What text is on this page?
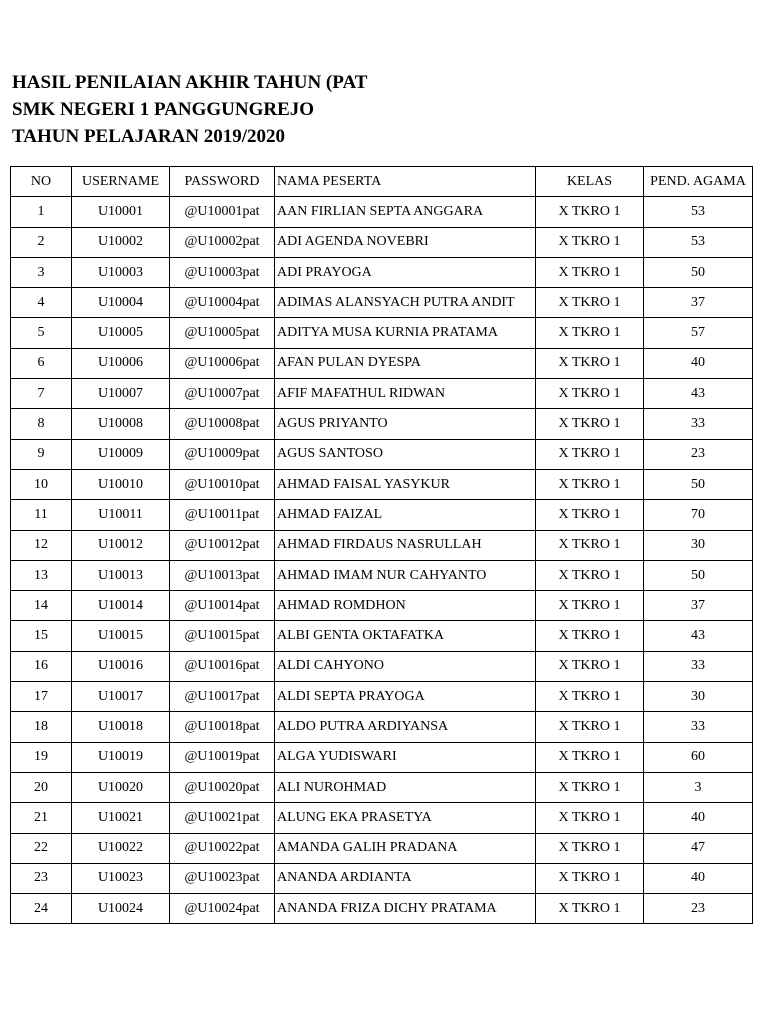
HASIL PENILAIAN AKHIR TAHUN (PAT
SMK NEGERI 1 PANGGUNGREJO
TAHUN PELAJARAN 2019/2020
NO	USERNAME	PASSWORD	NAMA PESERTA	KELAS	PEND. AGAMA
1	U10001	@U10001pat	AAN FIRLIAN SEPTA ANGGARA	X TKRO 1	53
2	U10002	@U10002pat	ADI AGENDA NOVEBRI	X TKRO 1	53
3	U10003	@U10003pat	ADI PRAYOGA	X TKRO 1	50
4	U10004	@U10004pat	ADIMAS ALANSYACH PUTRA ANDIT	X TKRO 1	37
5	U10005	@U10005pat	ADITYA MUSA KURNIA PRATAMA	X TKRO 1	57
6	U10006	@U10006pat	AFAN PULAN DYESPA	X TKRO 1	40
7	U10007	@U10007pat	AFIF MAFATHUL RIDWAN	X TKRO 1	43
8	U10008	@U10008pat	AGUS PRIYANTO	X TKRO 1	33
9	U10009	@U10009pat	AGUS SANTOSO	X TKRO 1	23
10	U10010	@U10010pat	AHMAD FAISAL YASYKUR	X TKRO 1	50
11	U10011	@U10011pat	AHMAD FAIZAL	X TKRO 1	70
12	U10012	@U10012pat	AHMAD FIRDAUS NASRULLAH	X TKRO 1	30
13	U10013	@U10013pat	AHMAD IMAM NUR CAHYANTO	X TKRO 1	50
14	U10014	@U10014pat	AHMAD ROMDHON	X TKRO 1	37
15	U10015	@U10015pat	ALBI GENTA OKTAFATKA	X TKRO 1	43
16	U10016	@U10016pat	ALDI CAHYONO	X TKRO 1	33
17	U10017	@U10017pat	ALDI SEPTA PRAYOGA	X TKRO 1	30
18	U10018	@U10018pat	ALDO PUTRA ARDIYANSA	X TKRO 1	33
19	U10019	@U10019pat	ALGA YUDISWARI	X TKRO 1	60
20	U10020	@U10020pat	ALI NUROHMAD	X TKRO 1	3
21	U10021	@U10021pat	ALUNG EKA PRASETYA	X TKRO 1	40
22	U10022	@U10022pat	AMANDA GALIH PRADANA	X TKRO 1	47
23	U10023	@U10023pat	ANANDA ARDIANTA	X TKRO 1	40
24	U10024	@U10024pat	ANANDA FRIZA DICHY PRATAMA	X TKRO 1	23
